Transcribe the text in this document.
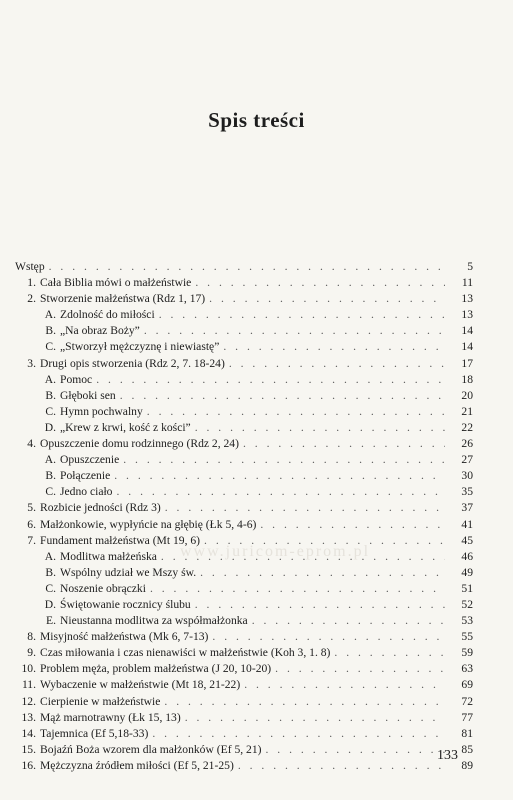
Spis treści
Wstęp . . .	5
1. Cała Biblia mówi o małżeństwie . . .	11
2. Stworzenie małżeństwa (Rdz 1, 17) . . .	13
A. Zdolność do miłości . . .	13
B. „Na obraz Boży” . . .	14
C. „Stworzył mężczyznę i niewiastę” . . .	14
3. Drugi opis stworzenia (Rdz 2, 7. 18-24) . . .	17
A. Pomoc . . .	18
B. Głęboki sen . . .	20
C. Hymn pochwalny . . .	21
D. „Krew z krwi, kość z kości” . . .	22
4. Opuszczenie domu rodzinnego (Rdz 2, 24) . . .	26
A. Opuszczenie . . .	27
B. Połączenie . . .	30
C. Jedno ciało . . .	35
5. Rozbicie jedności (Rdz 3) . . .	37
6. Małżonkowie, wypłyńcie na głębię (Łk 5, 4-6) . . .	41
7. Fundament małżeństwa (Mt 19, 6) . . .	45
A. Modlitwa małżeńska . . .	46
B. Wspólny udział we Mszy św. . . .	49
C. Noszenie obrączki . . .	51
D. Świętowanie rocznicy ślubu . . .	52
E. Nieustanna modlitwa za współmałżonka . . .	53
8. Misyjność małżeństwa (Mk 6, 7-13) . . .	55
9. Czas miłowania i czas nienawiści w małżeństwie (Koh 3, 1. 8) . . .	59
10. Problem męża, problem małżeństwa (J 20, 10-20) . . .	63
11. Wybaczenie w małżeństwie (Mt 18, 21-22) . . .	69
12. Cierpienie w małżeństwie . . .	72
13. Mąż marnotrawny (Łk 15, 13) . . .	77
14. Tajemnica (Ef 5,18-33) . . .	81
15. Bojaźń Boża wzorem dla małżonków (Ef 5, 21) . . .	85
16. Mężczyzna źródłem miłości (Ef 5, 21-25) . . .	89
www.juricom-eprom.pl
133
